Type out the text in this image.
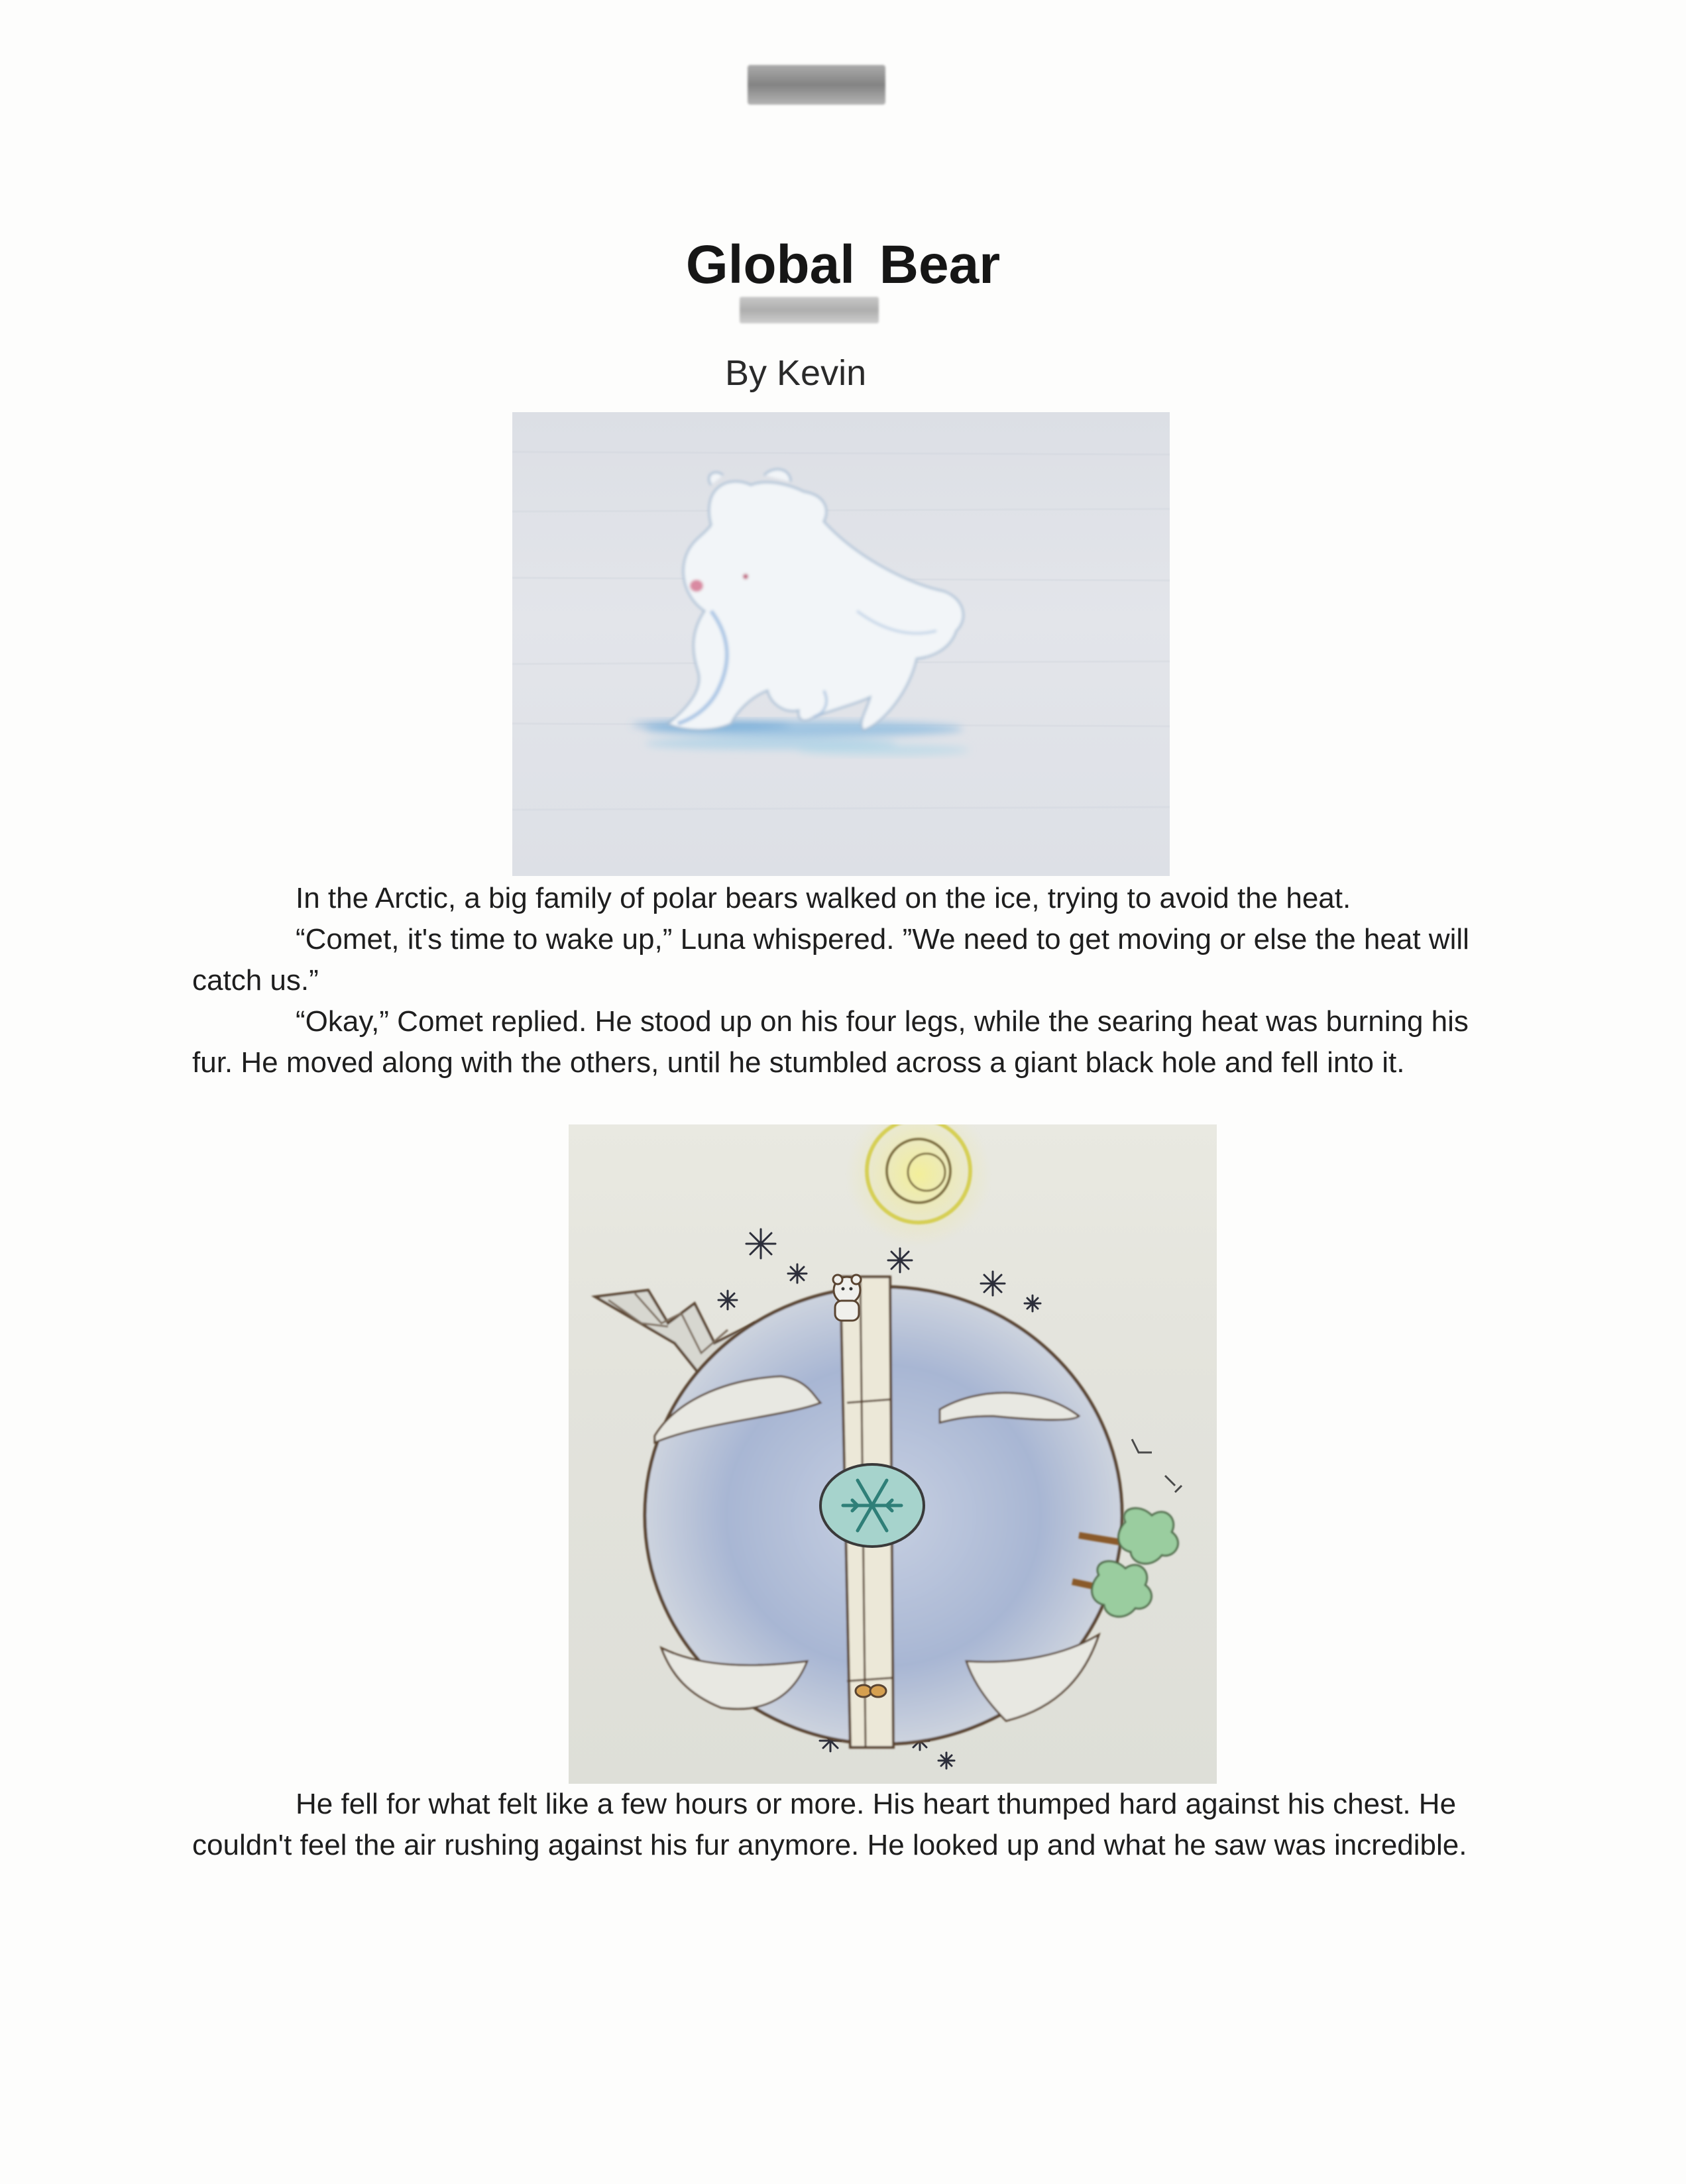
Global Bear

By Kevin

In the Arctic, a big family of polar bears walked on the ice, trying to avoid the heat.

“Comet, it's time to wake up,” Luna whispered. ”We need to get moving or else the heat will catch us.”

“Okay,” Comet replied. He stood up on his four legs, while the searing heat was burning his fur. He moved along with the others, until he stumbled across a giant black hole and fell into it.

He fell for what felt like a few hours or more. His heart thumped hard against his chest. He couldn't feel the air rushing against his fur anymore. He looked up and what he saw was incredible.
